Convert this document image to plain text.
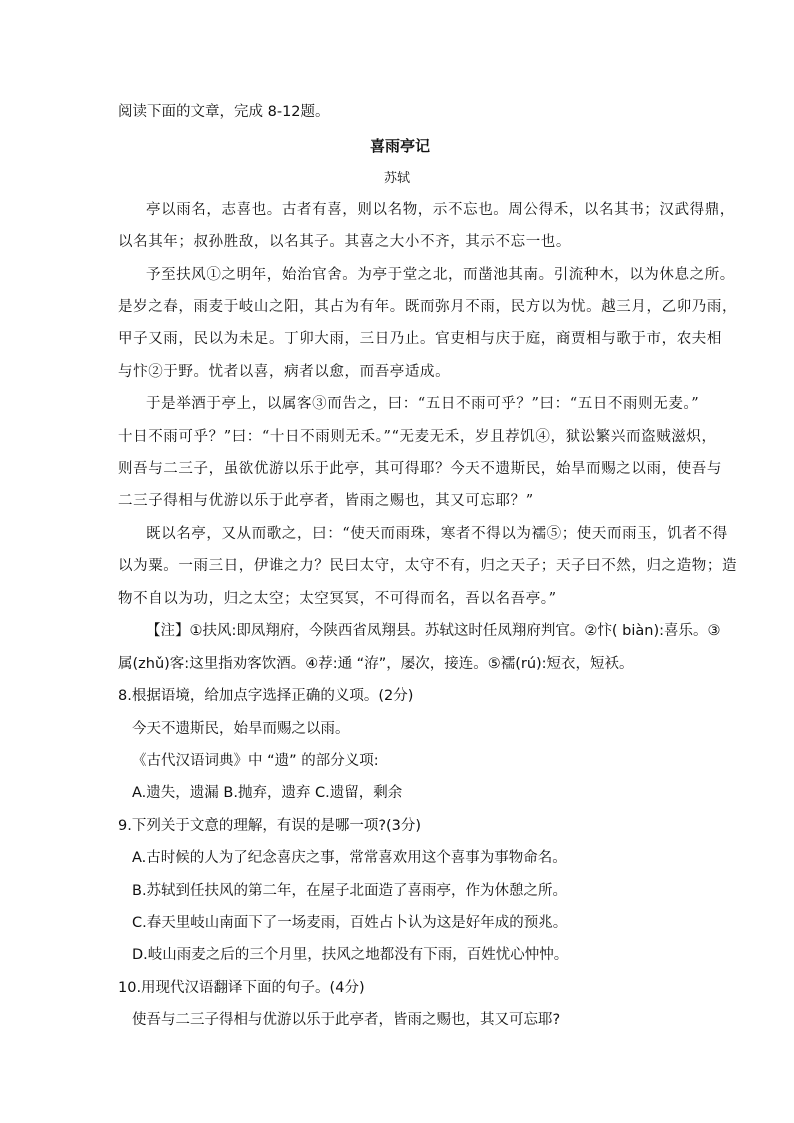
阅读下面的文章，完成 8-12题。
喜雨亭记
苏轼
亭以雨名，志喜也。古者有喜，则以名物，示不忘也。周公得禾，以名其书；汉武得鼎，
以名其年；叔孙胜敌，以名其子。其喜之大小不齐，其示不忘一也。
予至扶风①之明年，始治官舍。为亭于堂之北，而凿池其南。引流种木，以为休息之所。
是岁之春，雨麦于岐山之阳，其占为有年。既而弥月不雨，民方以为忧。越三月，乙卯乃雨，
甲子又雨，民以为未足。丁卯大雨，三日乃止。官吏相与庆于庭，商贾相与歌于市，农夫相
与忭②于野。忧者以喜，病者以愈，而吾亭适成。
于是举酒于亭上，以属客③而告之，曰：“五日不雨可乎？”曰：“五日不雨则无麦。”
十日不雨可乎？”曰：“十日不雨则无禾。”“无麦无禾，岁且荐饥④，狱讼繁兴而盗贼滋炽，
则吾与二三子，虽欲优游以乐于此亭，其可得耶？今天不遗斯民，始旱而赐之以雨，使吾与
二三子得相与优游以乐于此亭者，皆雨之赐也，其又可忘耶？”
既以名亭，又从而歌之，曰：“使天而雨珠，寒者不得以为襦⑤；使天而雨玉，饥者不得
以为粟。一雨三日，伊谁之力？民曰太守，太守不有，归之天子；天子曰不然，归之造物；造
物不自以为功，归之太空；太空冥冥，不可得而名，吾以名吾亭。”
【注】①扶风:即凤翔府，今陕西省凤翔县。苏轼这时任凤翔府判官。②忭( biàn):喜乐。③
属(zhǔ)客:这里指劝客饮酒。④荐:通 “洊”，屡次，接连。⑤襦(rú):短衣，短袄。
8.根据语境，给加点字选择正确的义项。(2分)
今天不遗斯民，始旱而赐之以雨。
《古代汉语词典》中 “遗” 的部分义项:
A.遗失，遗漏 B.抛弃，遗弃 C.遗留，剩余
9.下列关于文意的理解，有误的是哪一项?(3分)
A.古时候的人为了纪念喜庆之事，常常喜欢用这个喜事为事物命名。
B.苏轼到任扶风的第二年，在屋子北面造了喜雨亭，作为休憩之所。
C.春天里岐山南面下了一场麦雨，百姓占卜认为这是好年成的预兆。
D.岐山雨麦之后的三个月里，扶风之地都没有下雨，百姓忧心忡忡。
10.用现代汉语翻译下面的句子。(4分)
使吾与二三子得相与优游以乐于此亭者，皆雨之赐也，其又可忘耶?
